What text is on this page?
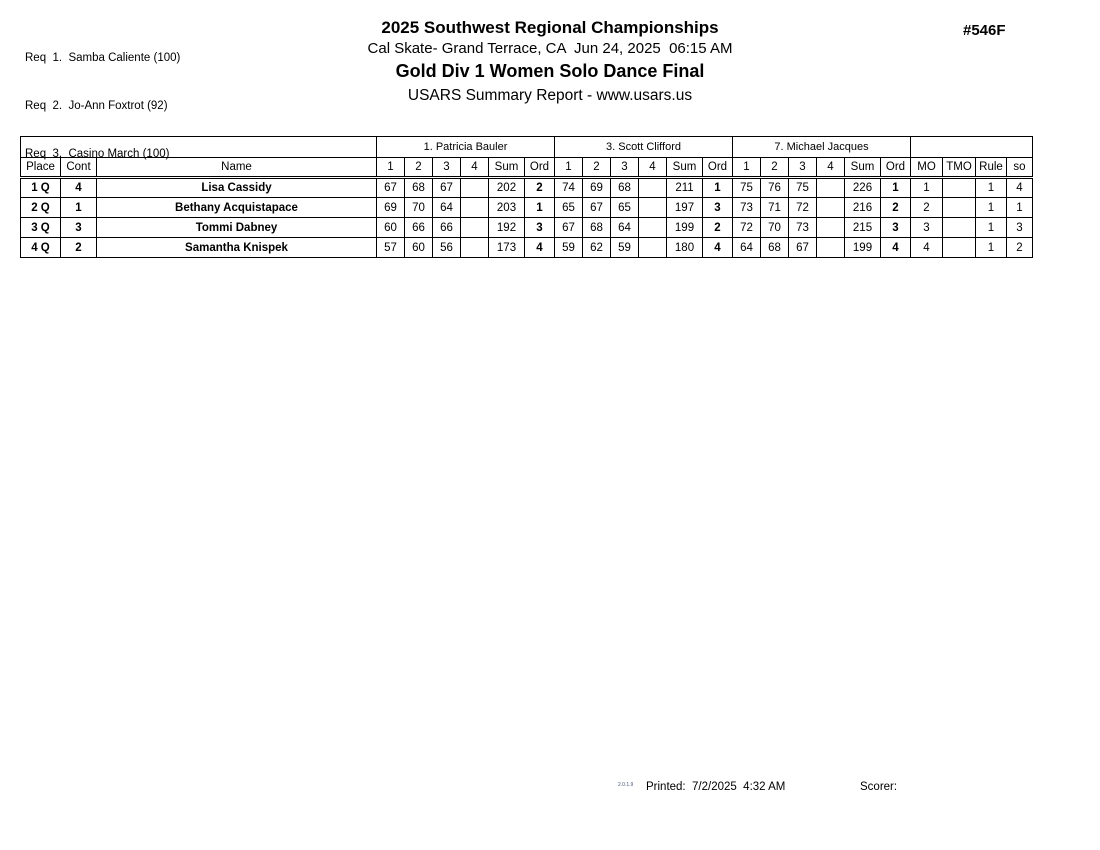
Req  1.  Samba Caliente (100)

Req  2.  Jo-Ann Foxtrot (92)

Req  3.  Casino March (100)

2025 Southwest Regional Championships
Cal Skate- Grand Terrace, CA  Jun 24, 2025  06:15 AM
Gold Div 1 Women Solo Dance Final
USARS Summary Report - www.usars.us
#546F
			1. Patricia Bauler						3. Scott Clifford						7. Michael Jacques									
Place	Cont	Name	1	2	3	4	Sum	Ord	1	2	3	4	Sum	Ord	1	2	3	4	Sum	Ord	MO	TMO	Rule	so
1 Q	4	Lisa Cassidy	67	68	67		202	2	74	69	68		211	1	75	76	75		226	1	1		1	4
2 Q	1	Bethany Acquistapace	69	70	64		203	1	65	67	65		197	3	73	71	72		216	2	2		1	1
3 Q	3	Tommi Dabney	60	66	66		192	3	67	68	64		199	2	72	70	73		215	3	3		1	3
4 Q	2	Samantha Knispek	57	60	56		173	4	59	62	59		180	4	64	68	67		199	4	4		1	2
2.0.1.9 Printed:  7/2/2025  4:32 AM	Scorer:
